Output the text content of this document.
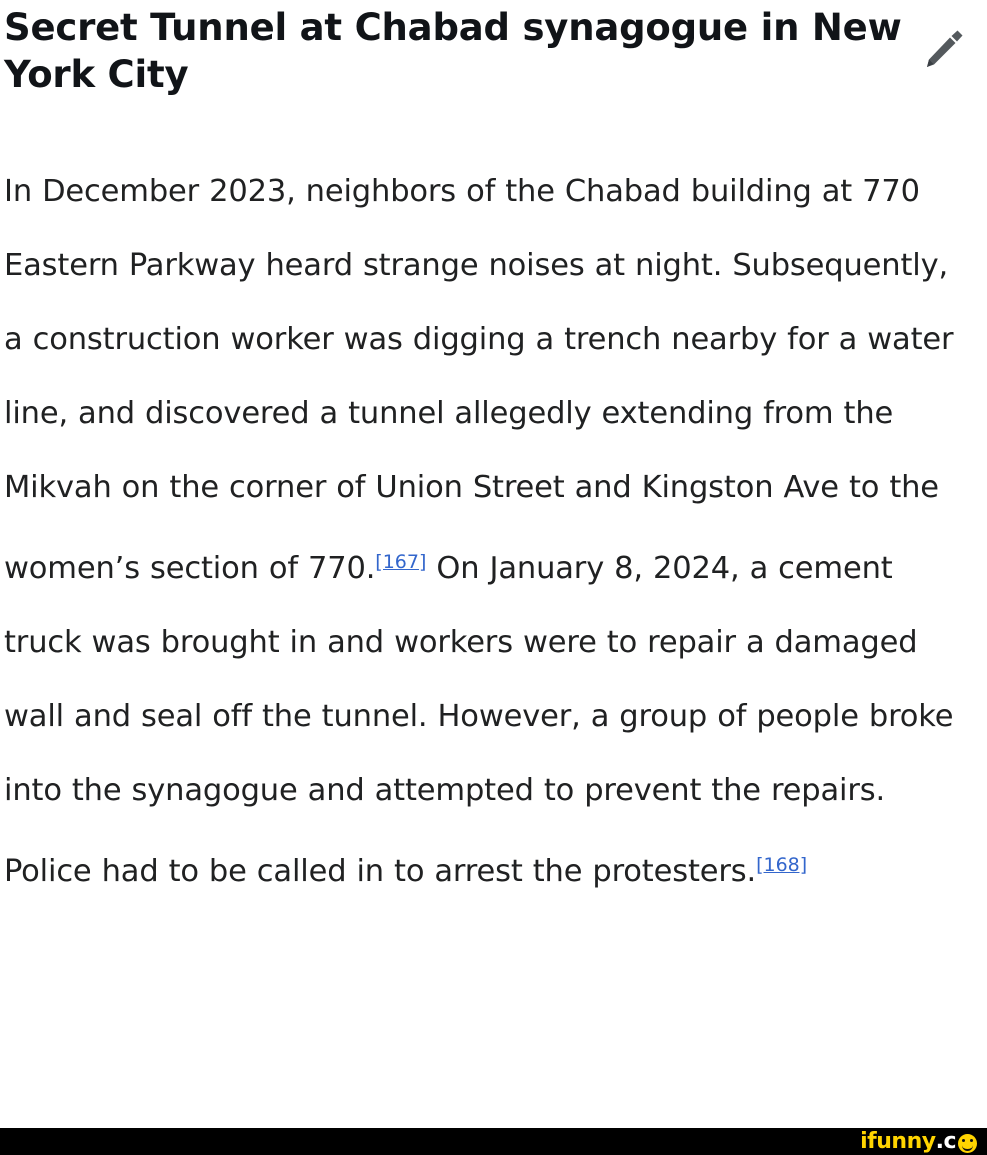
Secret Tunnel at Chabad synagogue in New York City

In December 2023, neighbors of the Chabad building at 770 Eastern Parkway heard strange noises at night. Subsequently, a construction worker was digging a trench nearby for a water line, and discovered a tunnel allegedly extending from the Mikvah on the corner of Union Street and Kingston Ave to the women’s section of 770.[167] On January 8, 2024, a cement truck was brought in and workers were to repair a damaged wall and seal off the tunnel. However, a group of people broke into the synagogue and attempted to prevent the repairs. Police had to be called in to arrest the protesters.[168]

ifunny .c
